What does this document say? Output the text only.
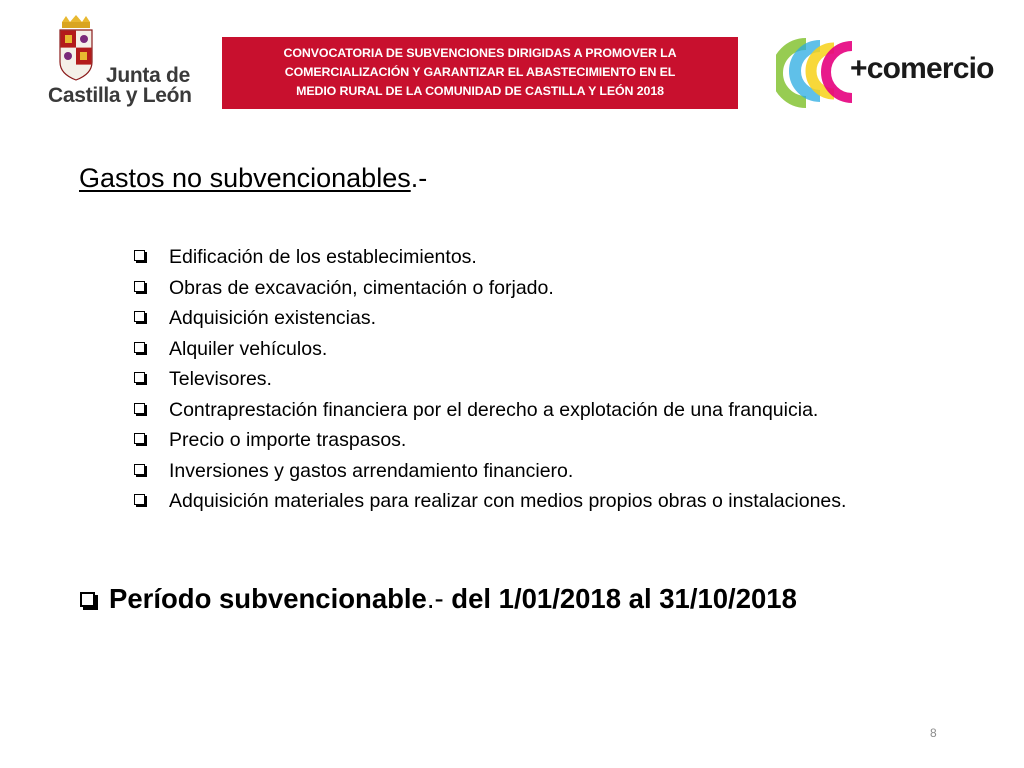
Junta de
Castilla y León
CONVOCATORIA DE SUBVENCIONES DIRIGIDAS A PROMOVER LA
COMERCIALIZACIÓN Y GARANTIZAR EL ABASTECIMIENTO EN EL
MEDIO RURAL DE LA COMUNIDAD DE CASTILLA Y LEÓN 2018
+comercio
Gastos no subvencionables.-
Edificación de los establecimientos.
Obras de excavación, cimentación o forjado.
Adquisición existencias.
Alquiler vehículos.
Televisores.
Contraprestación financiera por el derecho a explotación de una franquicia.
Precio o importe traspasos.
Inversiones y gastos arrendamiento financiero.
Adquisición materiales para realizar con medios propios obras o instalaciones.
Período subvencionable.- del 1/01/2018 al 31/10/2018
8
